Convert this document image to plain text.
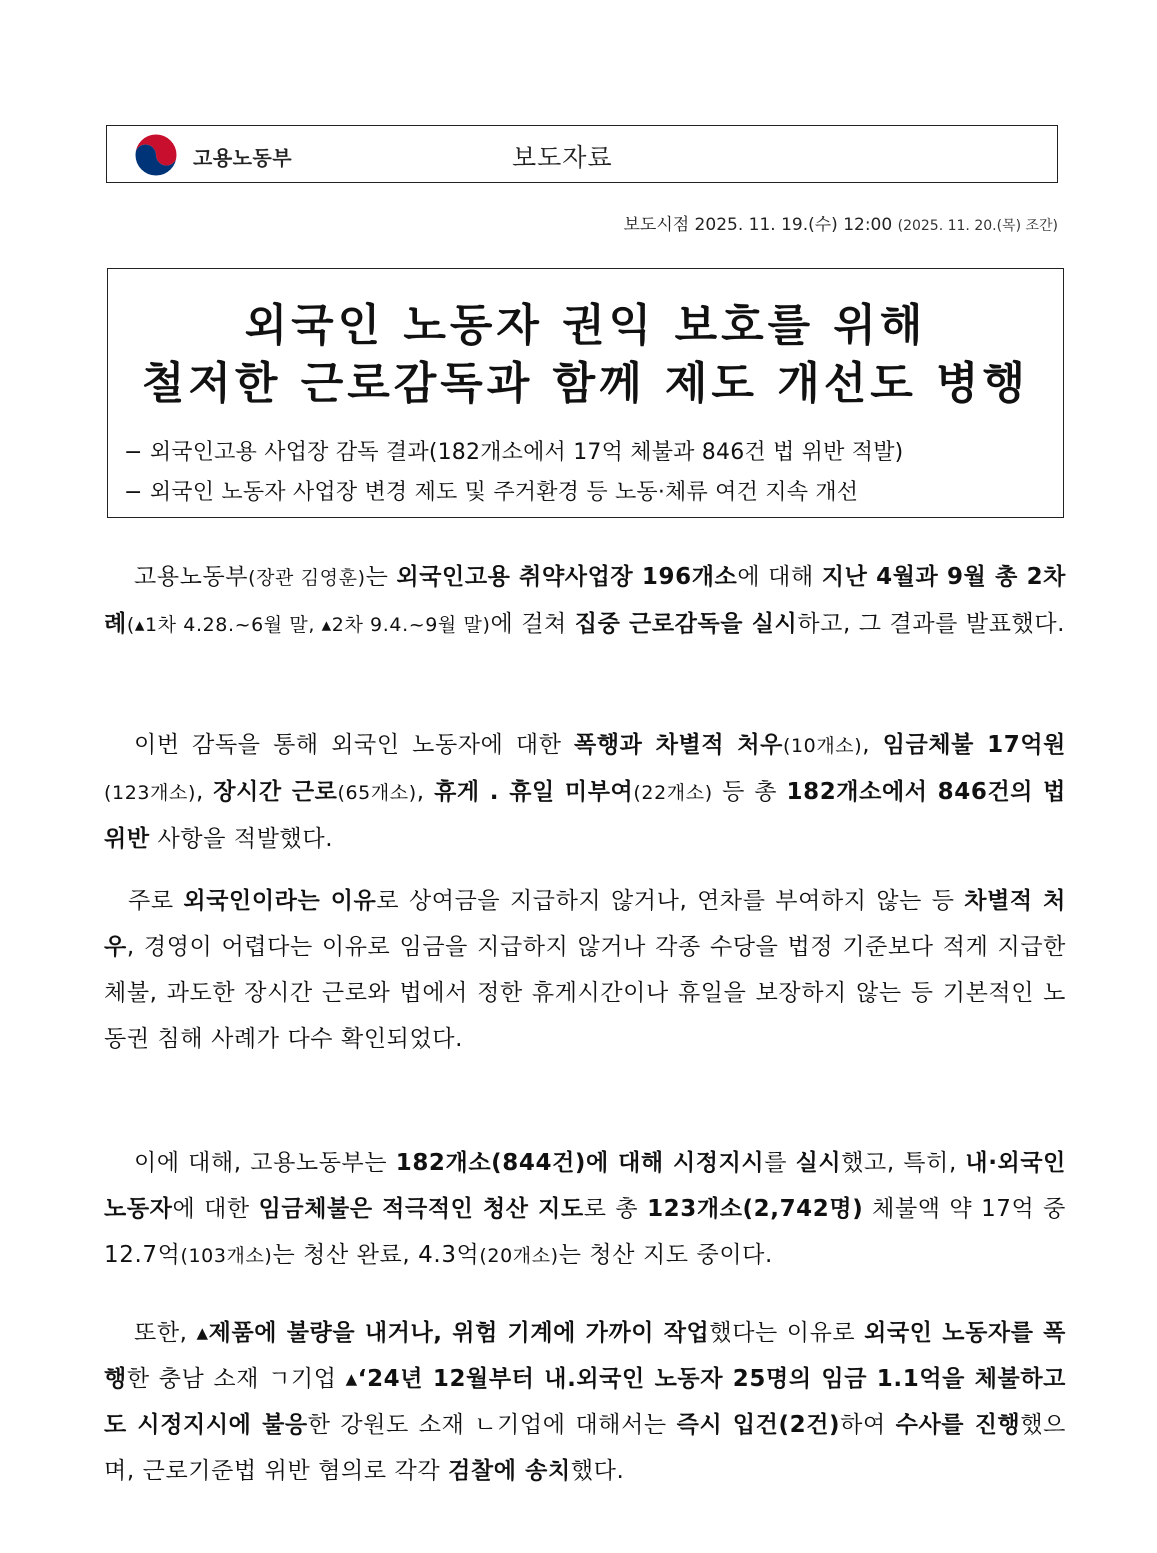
고용노동부	보도자료
보도시점 2025. 11. 19.(수) 12:00 (2025. 11. 20.(목) 조간)
외국인 노동자 권익 보호를 위해
철저한 근로감독과 함께 제도 개선도 병행
− 외국인고용 사업장 감독 결과(182개소에서 17억 체불과 846건 법 위반 적발)
− 외국인 노동자 사업장 변경 제도 및 주거환경 등 노동·체류 여건 지속 개선
고용노동부(장관 김영훈)는 외국인고용 취약사업장 196개소에 대해 지난 4월과 9월 총 2차례(▴1차 4.28.~6월 말, ▴2차 9.4.~9월 말)에 걸쳐 집중 근로감독을 실시하고, 그 결과를 발표했다.
이번 감독을 통해 외국인 노동자에 대한 폭행과 차별적 처우(10개소), 임금체불 17억원(123개소), 장시간 근로(65개소), 휴게 . 휴일 미부여(22개소) 등 총 182개소에서 846건의 법 위반 사항을 적발했다.
주로 외국인이라는 이유로 상여금을 지급하지 않거나, 연차를 부여하지 않는 등 차별적 처우, 경영이 어렵다는 이유로 임금을 지급하지 않거나 각종 수당을 법정 기준보다 적게 지급한 체불, 과도한 장시간 근로와 법에서 정한 휴게시간이나 휴일을 보장하지 않는 등 기본적인 노동권 침해 사례가 다수 확인되었다.
이에 대해, 고용노동부는 182개소(844건)에 대해 시정지시를 실시했고, 특히, 내·외국인 노동자에 대한 임금체불은 적극적인 청산 지도로 총 123개소(2,742명) 체불액 약 17억 중 12.7억(103개소)는 청산 완료, 4.3억(20개소)는 청산 지도 중이다.
또한, ▴제품에 불량을 내거나, 위험 기계에 가까이 작업했다는 이유로 외국인 노동자를 폭행한 충남 소재 ㄱ기업 ▴‘24년 12월부터 내.외국인 노동자 25명의 임금 1.1억을 체불하고도 시정지시에 불응한 강원도 소재 ㄴ기업에 대해서는 즉시 입건(2건)하여 수사를 진행했으며, 근로기준법 위반 혐의로 각각 검찰에 송치했다.
